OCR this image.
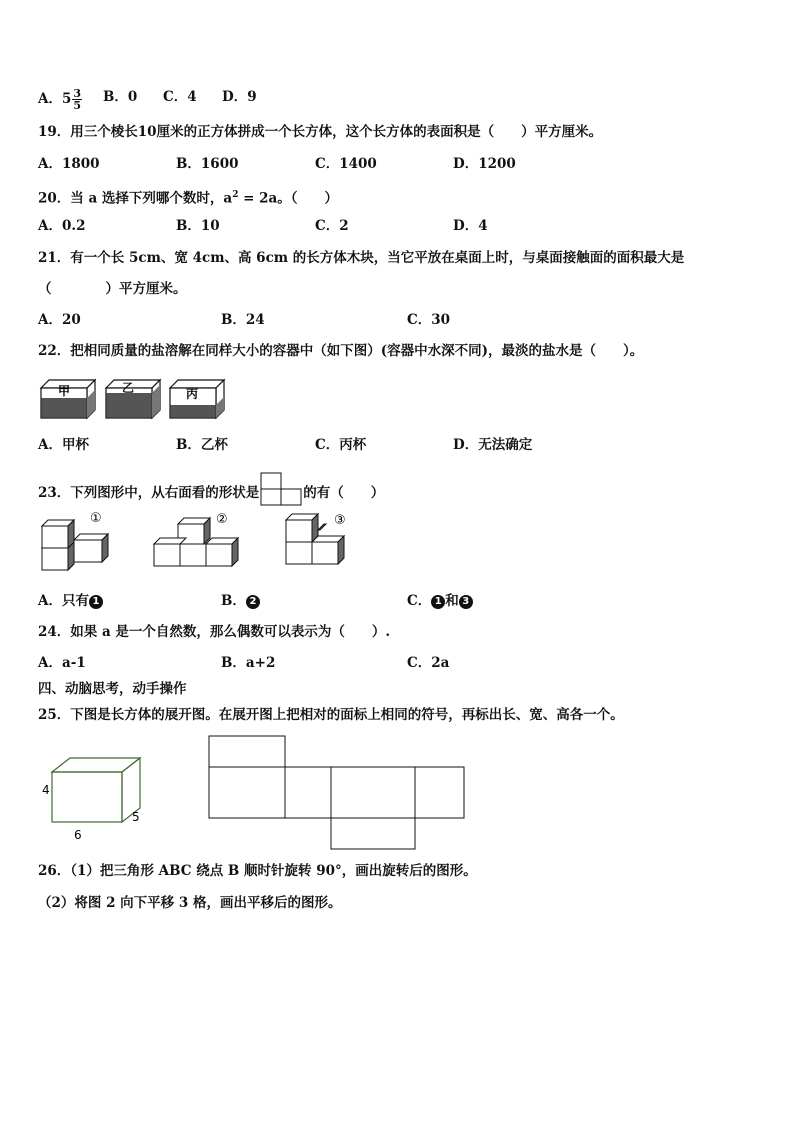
A．$5 \frac{3}{5}$ B．0 C．4 D．9
19．用三个棱长10厘米的正方体拼成一个长方体，这个长方体的表面积是（　　）平方厘米。
A．1800	B．1600	C．1400	D．1200
20．当 a 选择下列哪个数时，$a^2 = 2a$。（　　）
A．0.2	B．10	C．2	D．4
21．有一个长 5cm、宽 4cm、高 6cm 的长方体木块，当它平放在桌面上时，与桌面接触面的面积最大是
（　　　　）平方厘米。
A．20	B．24	C．30
22．把相同质量的盐溶解在同样大小的容器中（如下图）(容器中水深不同)，最淡的盐水是（　　）。
甲	乙	丙
A．甲杯	B．乙杯	C．丙杯	D．无法确定
23．下列图形中，从右面看的形状是	的有（　　）
①	②	③
A．只有 1	B． 2	C． 1 和 3
24．如果 a 是一个自然数，那么偶数可以表示为（　　）.
A．a-1	B．a+2	C．2a
四、动脑思考，动手操作
25．下图是长方体的展开图。在展开图上把相对的面标上相同的符号，再标出长、宽、高各一个。
4
6
5
26．（1）把三角形 ABC 绕点 B 顺时针旋转 90°，画出旋转后的图形。
（2）将图 2 向下平移 3 格，画出平移后的图形。
